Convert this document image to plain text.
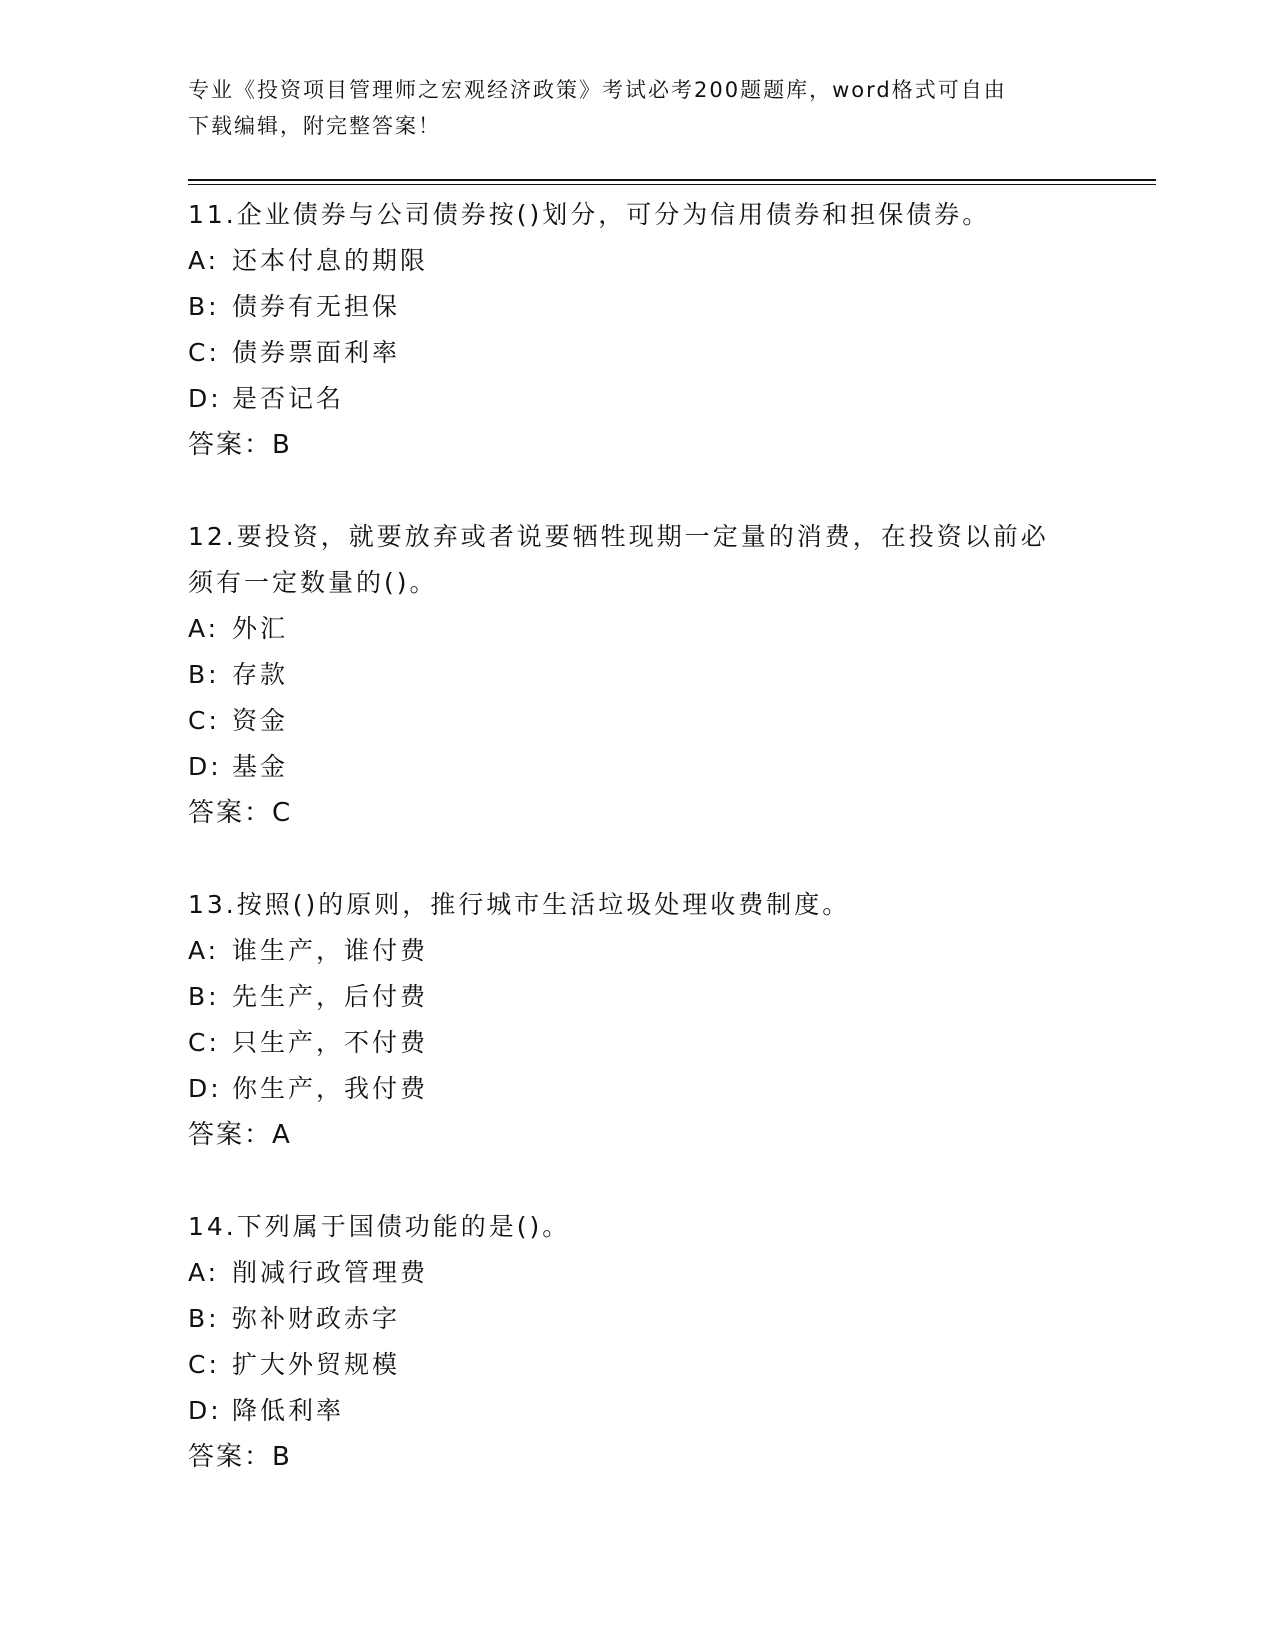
专业《投资项目管理师之宏观经济政策》考试必考200题题库，word格式可自由
下载编辑，附完整答案！
11.企业债券与公司债券按()划分，可分为信用债券和担保债券。
A: 还本付息的期限
B: 债券有无担保
C: 债券票面利率
D: 是否记名
答案：B
12.要投资，就要放弃或者说要牺牲现期一定量的消费，在投资以前必
须有一定数量的()。
A: 外汇
B: 存款
C: 资金
D: 基金
答案：C
13.按照()的原则，推行城市生活垃圾处理收费制度。
A: 谁生产，谁付费
B: 先生产，后付费
C: 只生产，不付费
D: 你生产，我付费
答案：A
14.下列属于国债功能的是()。
A: 削减行政管理费
B: 弥补财政赤字
C: 扩大外贸规模
D: 降低利率
答案：B
